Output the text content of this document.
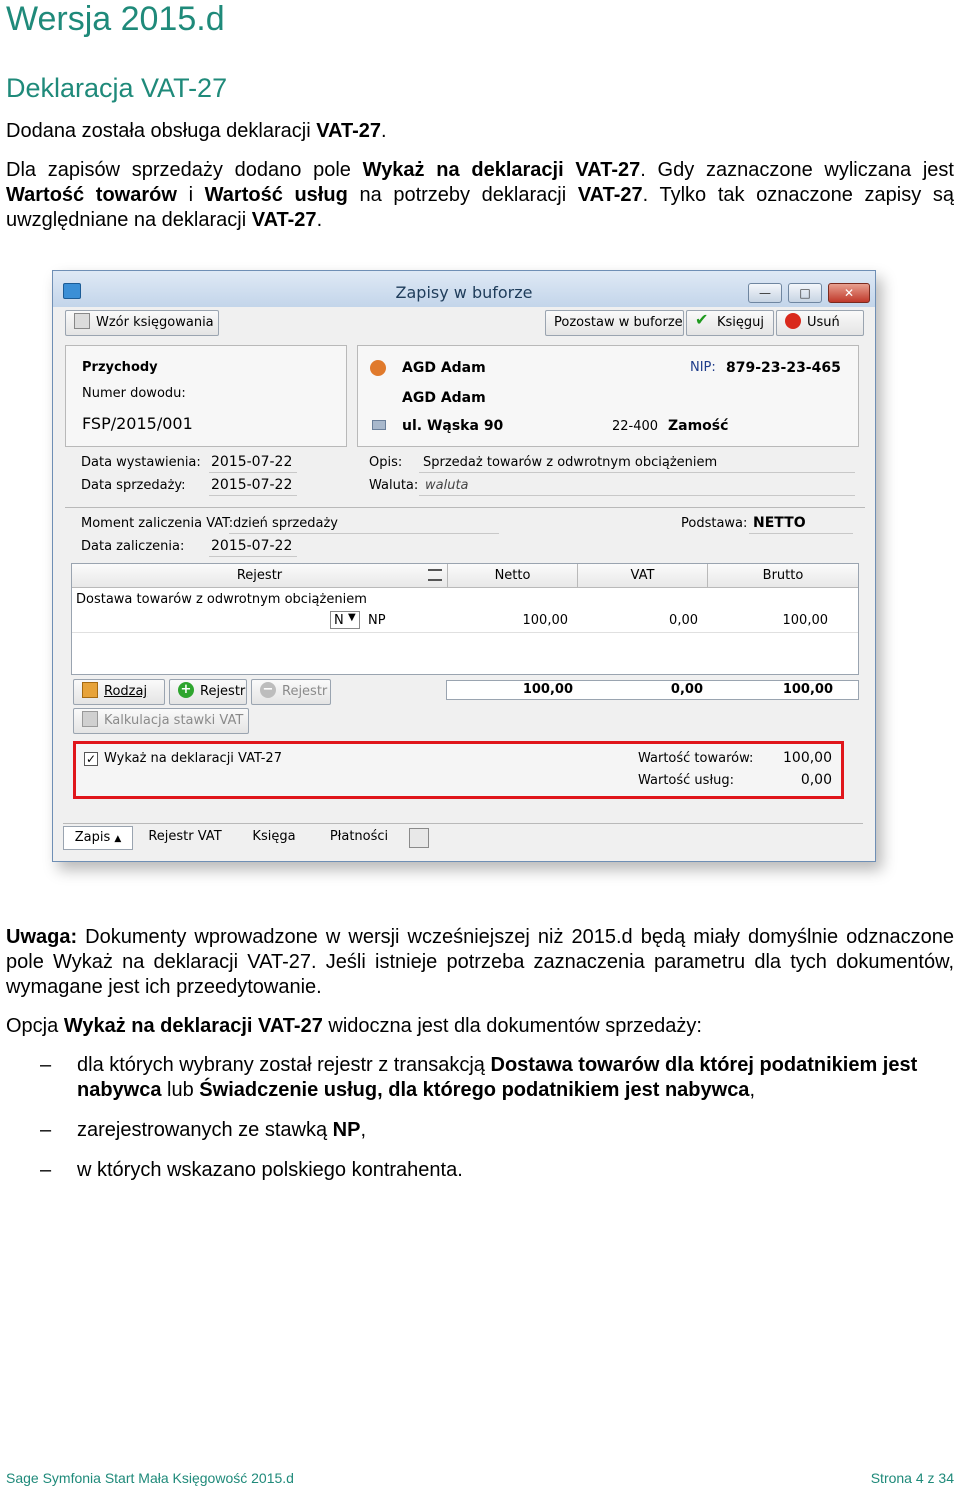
Wersja 2015.d
Deklaracja VAT-27
Dodana została obsługa deklaracji VAT-27.
Dla zapisów sprzedaży dodano pole Wykaż na deklaracji VAT-27. Gdy zaznaczone wyliczana jest Wartość towarów i Wartość usług na potrzeby deklaracji VAT-27. Tylko tak oznaczone zapisy są uwzględniane na deklaracji VAT-27.
Zapisy w buforze	—	□	✕
Wzór księgowania	Pozostaw w buforze ✔ Księguj	Usuń
Przychody
Numer dowodu:
FSP/2015/001
Data wystawienia: 2015-07-22
Data sprzedaży: 2015-07-22
AGD Adam	NIP: 879-23-23-465
AGD Adam
ul. Wąska 90	22-400 Zamość
Opis: Sprzedaż towarów z odwrotnym obciążeniem
Waluta: waluta
Moment zaliczenia VAT: dzień sprzedaży	Podstawa: NETTO
Data zaliczenia: 2015-07-22
Rejestr	Netto	VAT	Brutto
Dostawa towarów z odwrotnym obciążeniem
N ▼ NP	100,00	0,00	100,00
100,00	0,00	100,00
Rodzaj	+ Rejestr	− Rejestr
Kalkulacja stawki VAT
✓ Wykaż na deklaracji VAT-27	Wartość towarów:	100,00
Wartość usług:	0,00
Zapis ▲	Rejestr VAT	Księga	Płatności
Uwaga: Dokumenty wprowadzone w wersji wcześniejszej niż 2015.d będą miały domyślnie odznaczone pole Wykaż na deklaracji VAT-27. Jeśli istnieje potrzeba zaznaczenia parametru dla tych dokumentów, wymagane jest ich przeedytowanie.
Opcja Wykaż na deklaracji VAT-27 widoczna jest dla dokumentów sprzedaży:
– dla których wybrany został rejestr z transakcją Dostawa towarów dla której podatnikiem jest nabywca lub Świadczenie usług, dla którego podatnikiem jest nabywca,
– zarejestrowanych ze stawką NP,
– w których wskazano polskiego kontrahenta.
Sage Symfonia Start Mała Księgowość 2015.d	Strona 4 z 34
